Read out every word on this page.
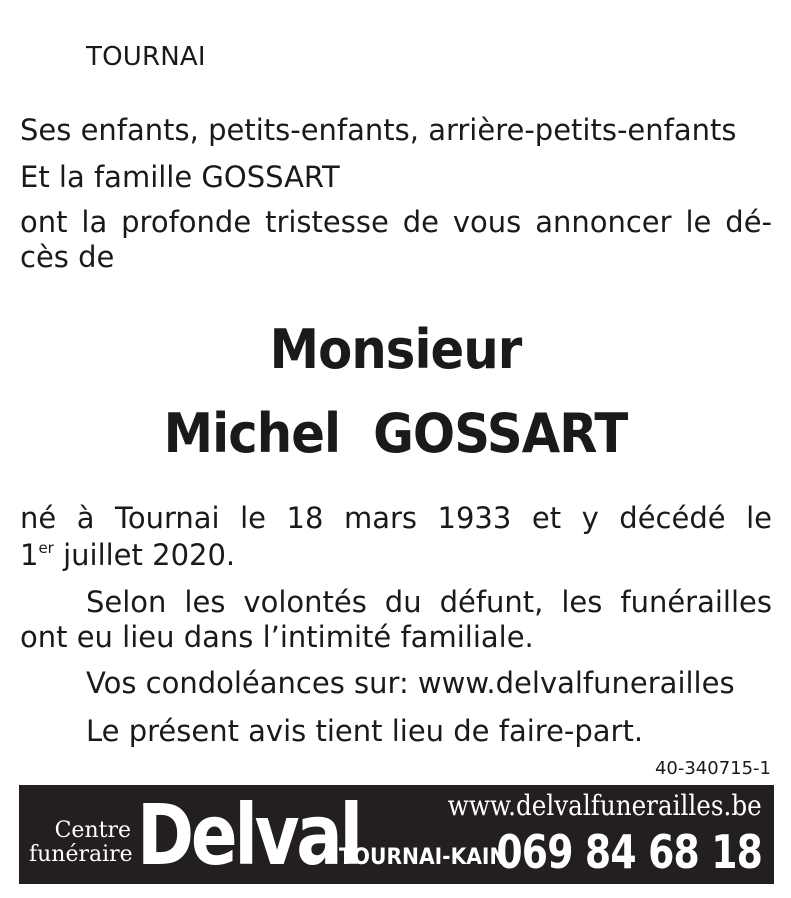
TOURNAI
Ses enfants, petits-enfants, arrière-petits-enfants
Et la famille GOSSART
ont la profonde tristesse de vous annoncer le dé-
cès de
Monsieur
Michel GOSSART
né à Tournai le 18 mars 1933 et y décédé le
1er juillet 2020.
Selon les volontés du défunt, les funérailles
ont eu lieu dans l’intimité familiale.
Vos condoléances sur: www.delvalfunerailles
Le présent avis tient lieu de faire-part.
40-340715-1
Centre
funéraire Delval	www.delvalfunerailles.be
TOURNAI-KAIN
069 84 68 18
